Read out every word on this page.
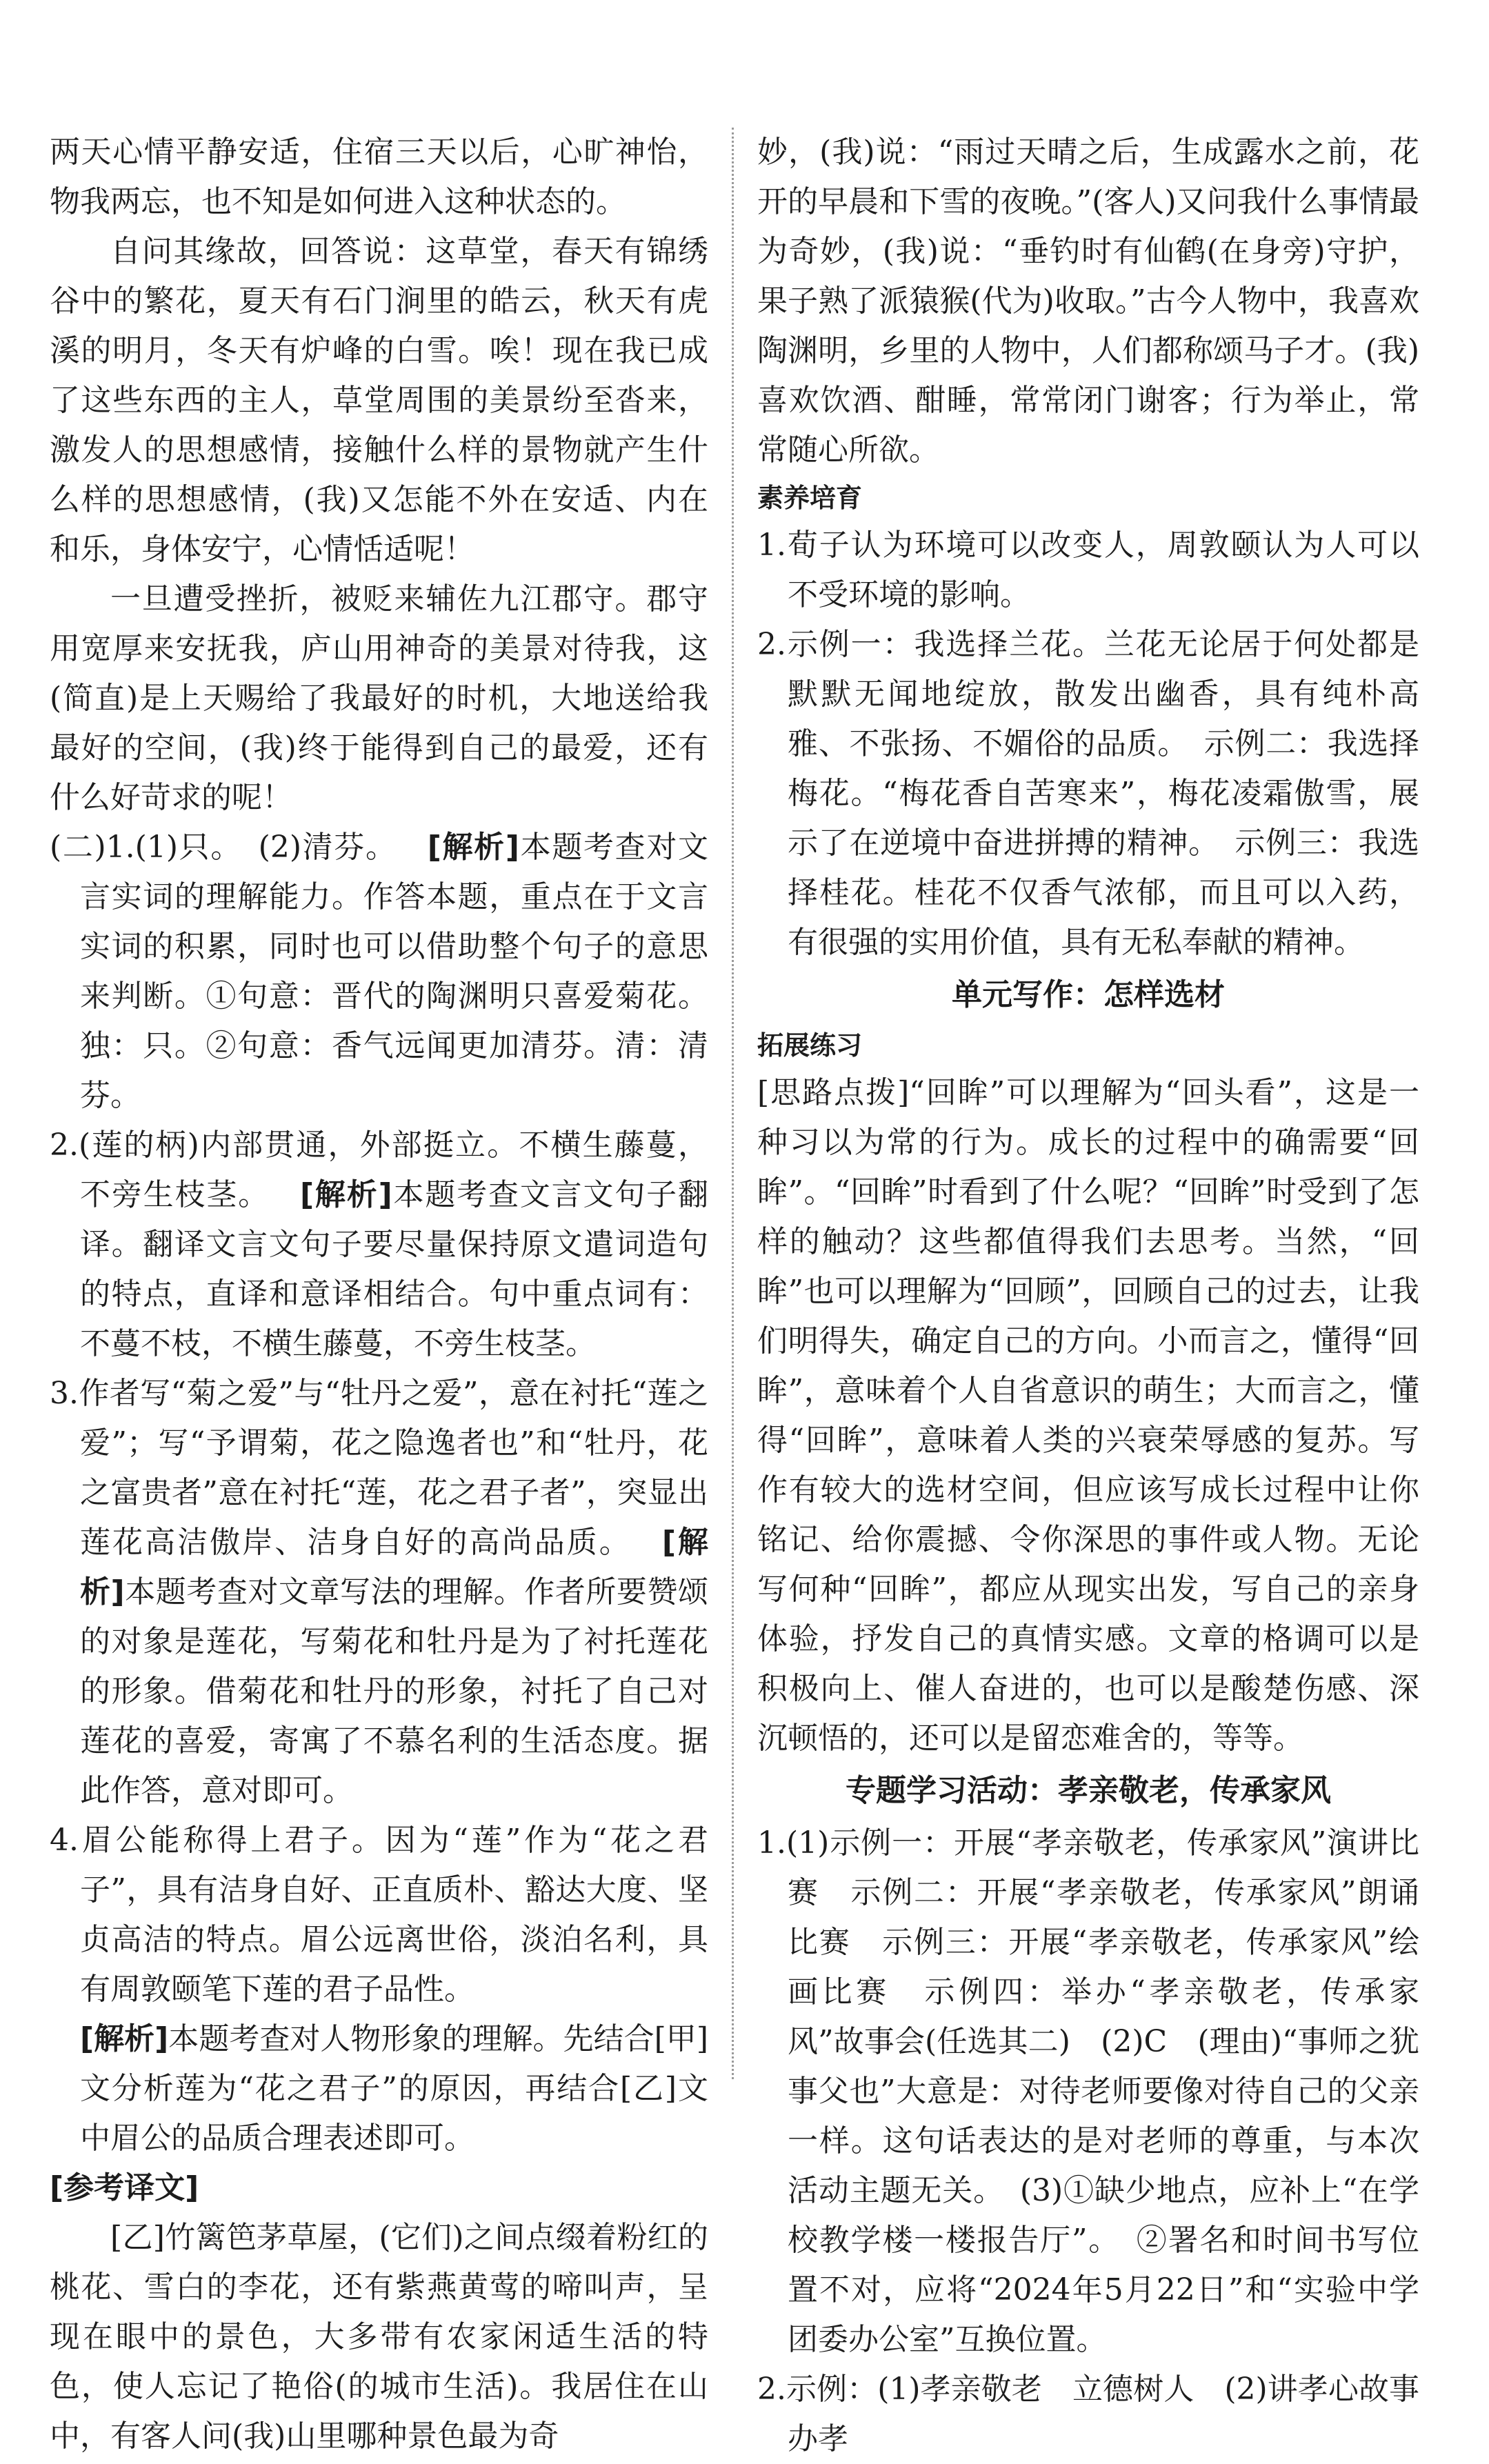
两天心情平静安适，住宿三天以后，心旷神怡，物我两忘，也不知是如何进入这种状态的。

自问其缘故，回答说：这草堂，春天有锦绣谷中的繁花，夏天有石门涧里的皓云，秋天有虎溪的明月，冬天有炉峰的白雪。唉！现在我已成了这些东西的主人，草堂周围的美景纷至沓来，激发人的思想感情，接触什么样的景物就产生什么样的思想感情，(我)又怎能不外在安适、内在和乐，身体安宁，心情恬适呢！

一旦遭受挫折，被贬来辅佐九江郡守。郡守用宽厚来安抚我，庐山用神奇的美景对待我，这(简直)是上天赐给了我最好的时机，大地送给我最好的空间，(我)终于能得到自己的最爱，还有什么好苛求的呢！

(二)1.(1)只。　(2)清芬。 [解析]本题考查对文言实词的理解能力。作答本题，重点在于文言实词的积累，同时也可以借助整个句子的意思来判断。①句意：晋代的陶渊明只喜爱菊花。独：只。②句意：香气远闻更加清芬。清：清芬。

2.(莲的柄)内部贯通，外部挺立。不横生藤蔓，不旁生枝茎。 [解析]本题考查文言文句子翻译。翻译文言文句子要尽量保持原文遣词造句的特点，直译和意译相结合。句中重点词有：不蔓不枝，不横生藤蔓，不旁生枝茎。

3.作者写“菊之爱”与“牡丹之爱”，意在衬托“莲之爱”；写“予谓菊，花之隐逸者也”和“牡丹，花之富贵者”意在衬托“莲，花之君子者”，突显出莲花高洁傲岸、洁身自好的高尚品质。 [解析]本题考查对文章写法的理解。作者所要赞颂的对象是莲花，写菊花和牡丹是为了衬托莲花的形象。借菊花和牡丹的形象，衬托了自己对莲花的喜爱，寄寓了不慕名利的生活态度。据此作答，意对即可。

4.眉公能称得上君子。因为“莲”作为“花之君子”，具有洁身自好、正直质朴、豁达大度、坚贞高洁的特点。眉公远离世俗，淡泊名利，具有周敦颐笔下莲的君子品性。

[解析]本题考查对人物形象的理解。先结合[甲]文分析莲为“花之君子”的原因，再结合[乙]文中眉公的品质合理表述即可。

[参考译文]

[乙]竹篱笆茅草屋，(它们)之间点缀着粉红的桃花、雪白的李花，还有紫燕黄莺的啼叫声，呈现在眼中的景色，大多带有农家闲适生活的特色，使人忘记了艳俗(的城市生活)。我居住在山中，有客人问(我)山里哪种景色最为奇

妙，(我)说：“雨过天晴之后，生成露水之前，花开的早晨和下雪的夜晚。”(客人)又问我什么事情最为奇妙，(我)说：“垂钓时有仙鹤(在身旁)守护，果子熟了派猿猴(代为)收取。”古今人物中，我喜欢陶渊明，乡里的人物中，人们都称颂马子才。(我)喜欢饮酒、酣睡，常常闭门谢客；行为举止，常常随心所欲。

素养培育

1.荀子认为环境可以改变人，周敦颐认为人可以不受环境的影响。

2.示例一：我选择兰花。兰花无论居于何处都是默默无闻地绽放，散发出幽香，具有纯朴高雅、不张扬、不媚俗的品质。　示例二：我选择梅花。“梅花香自苦寒来”，梅花凌霜傲雪，展示了在逆境中奋进拼搏的精神。　示例三：我选择桂花。桂花不仅香气浓郁，而且可以入药，有很强的实用价值，具有无私奉献的精神。

单元写作：怎样选材

拓展练习

[思路点拨]“回眸”可以理解为“回头看”，这是一种习以为常的行为。成长的过程中的确需要“回眸”。“回眸”时看到了什么呢？“回眸”时受到了怎样的触动？这些都值得我们去思考。当然，“回眸”也可以理解为“回顾”，回顾自己的过去，让我们明得失，确定自己的方向。小而言之，懂得“回眸”，意味着个人自省意识的萌生；大而言之，懂得“回眸”，意味着人类的兴衰荣辱感的复苏。写作有较大的选材空间，但应该写成长过程中让你铭记、给你震撼、令你深思的事件或人物。无论写何种“回眸”，都应从现实出发，写自己的亲身体验，抒发自己的真情实感。文章的格调可以是积极向上、催人奋进的，也可以是酸楚伤感、深沉顿悟的，还可以是留恋难舍的，等等。

专题学习活动：孝亲敬老，传承家风

1.(1)示例一：开展“孝亲敬老，传承家风”演讲比赛　示例二：开展“孝亲敬老，传承家风”朗诵比赛　示例三：开展“孝亲敬老，传承家风”绘画比赛　示例四：举办“孝亲敬老，传承家风”故事会(任选其二)　(2)C　(理由)“事师之犹事父也”大意是：对待老师要像对待自己的父亲一样。这句话表达的是对老师的尊重，与本次活动主题无关。　(3)①缺少地点，应补上“在学校教学楼一楼报告厅”。　②署名和时间书写位置不对，应将“2024年5月22日”和“实验中学团委办公室”互换位置。

2.示例：(1)孝亲敬老　立德树人　(2)讲孝心故事　办孝
